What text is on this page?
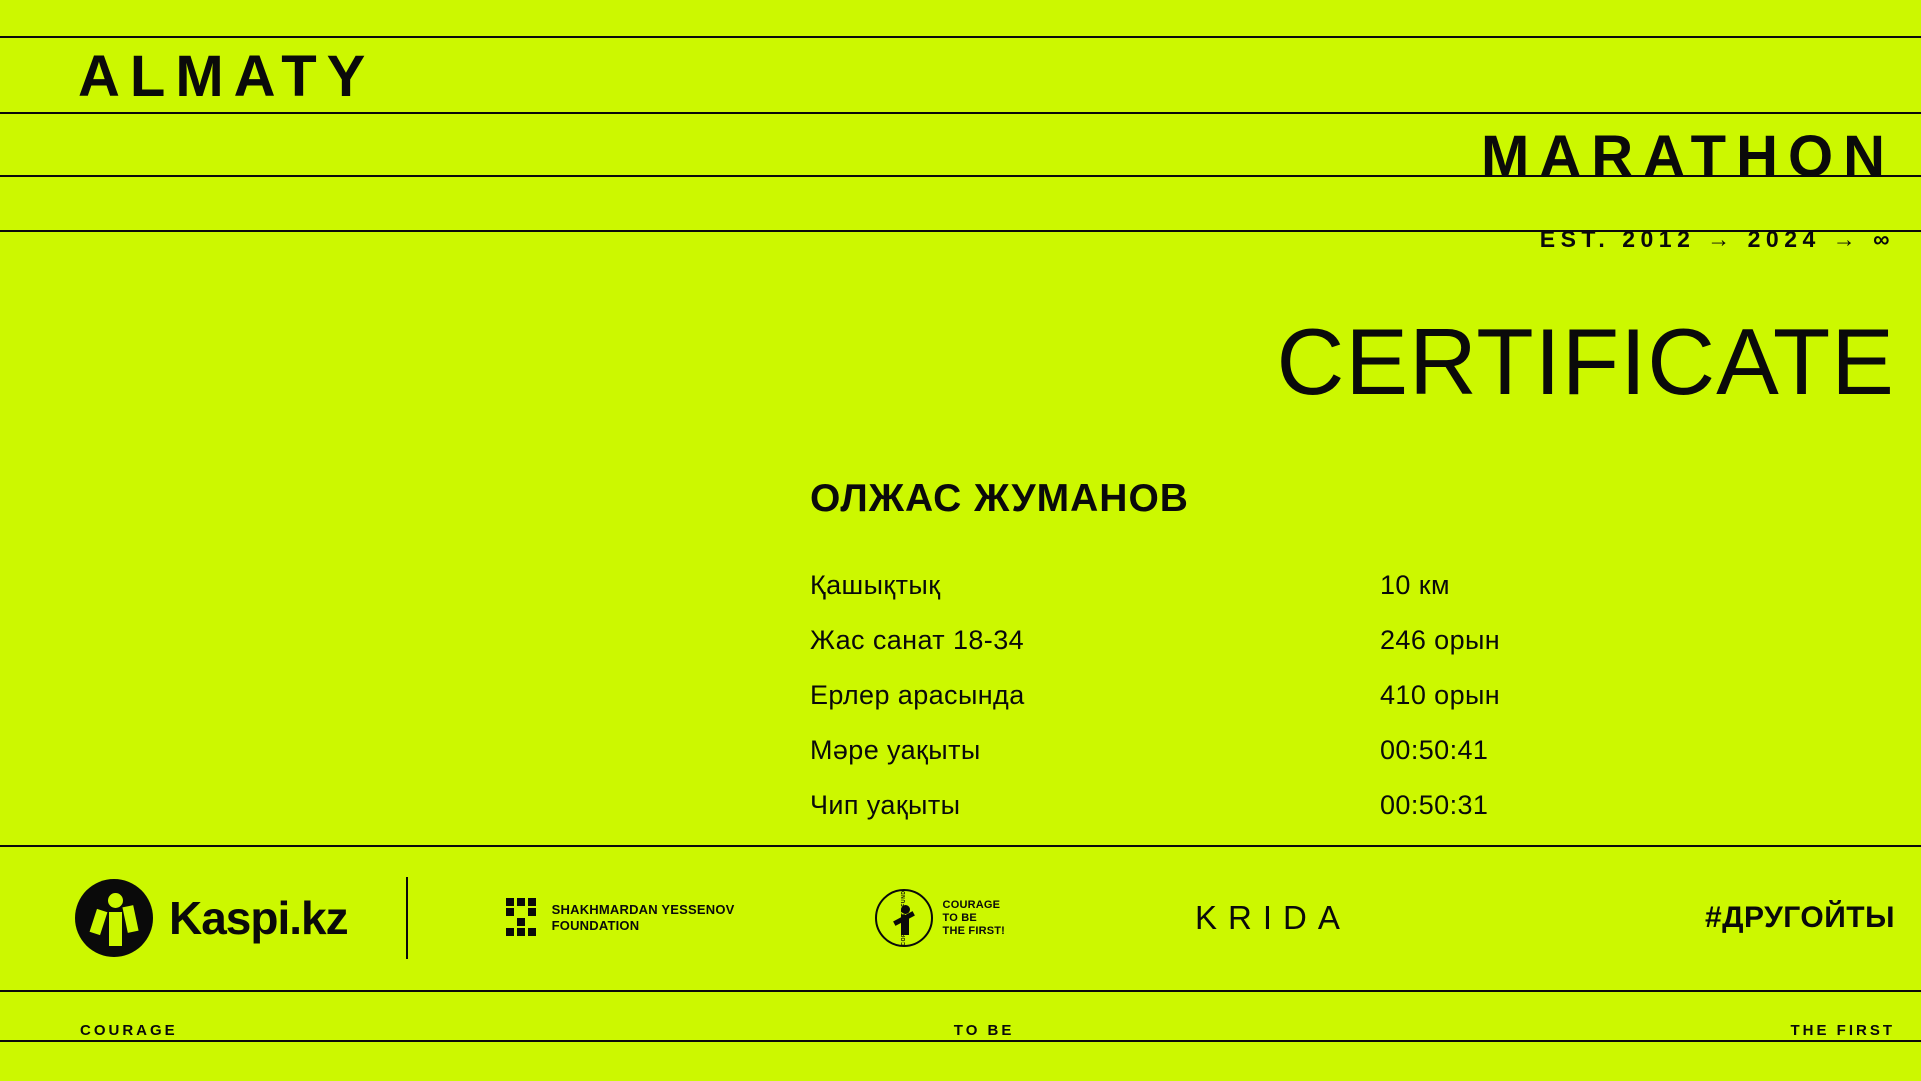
ALMATY
MARATHON
EST. 2012 → 2024 → ∞
CERTIFICATE
ОЛЖАС ЖУМАНОВ
Қашықтық	10 км
Жас санат 18-34	246 орын
Ерлер арасында	410 орын
Мәре уақыты	00:50:41
Чип уақыты	00:50:31
Kaspi.kz	SHAKHMARDAN YESSENOV
FOUNDATION
COURAGE
TO BE
THE FIRST!	KRIDA	#ДРУГОЙТЫ
COURAGE	TO BE	THE FIRST
